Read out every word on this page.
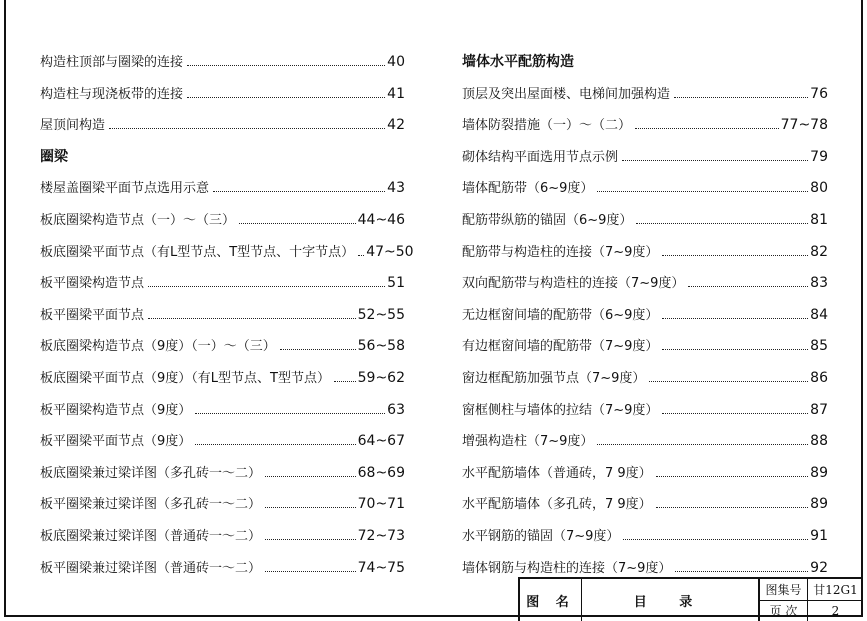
构造柱顶部与圈梁的连接	40
构造柱与现浇板带的连接	41
屋顶间构造	42
圈梁
楼屋盖圈梁平面节点选用示意	43
板底圈梁构造节点（一）～（三）	44~46
板底圈梁平面节点（有L型节点、T型节点、十字节点） 47~50
板平圈梁构造节点	51
板平圈梁平面节点	52~55
板底圈梁构造节点（9度）（一）～（三）	56~58
板底圈梁平面节点（9度）（有L型节点、T型节点） 59~62
板平圈梁构造节点（9度）	63
板平圈梁平面节点（9度）	64~67
板底圈梁兼过梁详图（多孔砖一～二）	68~69
板平圈梁兼过梁详图（多孔砖一～二）	70~71
板底圈梁兼过梁详图（普通砖一～二）	72~73
板平圈梁兼过梁详图（普通砖一～二）	74~75
墙体水平配筋构造
顶层及突出屋面楼、电梯间加强构造	76
墙体防裂措施（一）～（二）	77~78
砌体结构平面选用节点示例	79
墙体配筋带（6~9度）	80
配筋带纵筋的锚固（6~9度）	81
配筋带与构造柱的连接（7~9度）	82
双向配筋带与构造柱的连接（7~9度）	83
无边框窗间墙的配筋带（6~9度）	84
有边框窗间墙的配筋带（7~9度）	85
窗边框配筋加强节点（7~9度）	86
窗框侧柱与墙体的拉结（7~9度）	87
增强构造柱（7~9度）	88
水平配筋墙体（普通砖，7 9度）	89
水平配筋墙体（多孔砖，7 9度）	89
水平钢筋的锚固（7~9度）	91
墙体钢筋与构造柱的连接（7~9度）	92
图 名	目 录
图集号 甘12G1
页 次	2
